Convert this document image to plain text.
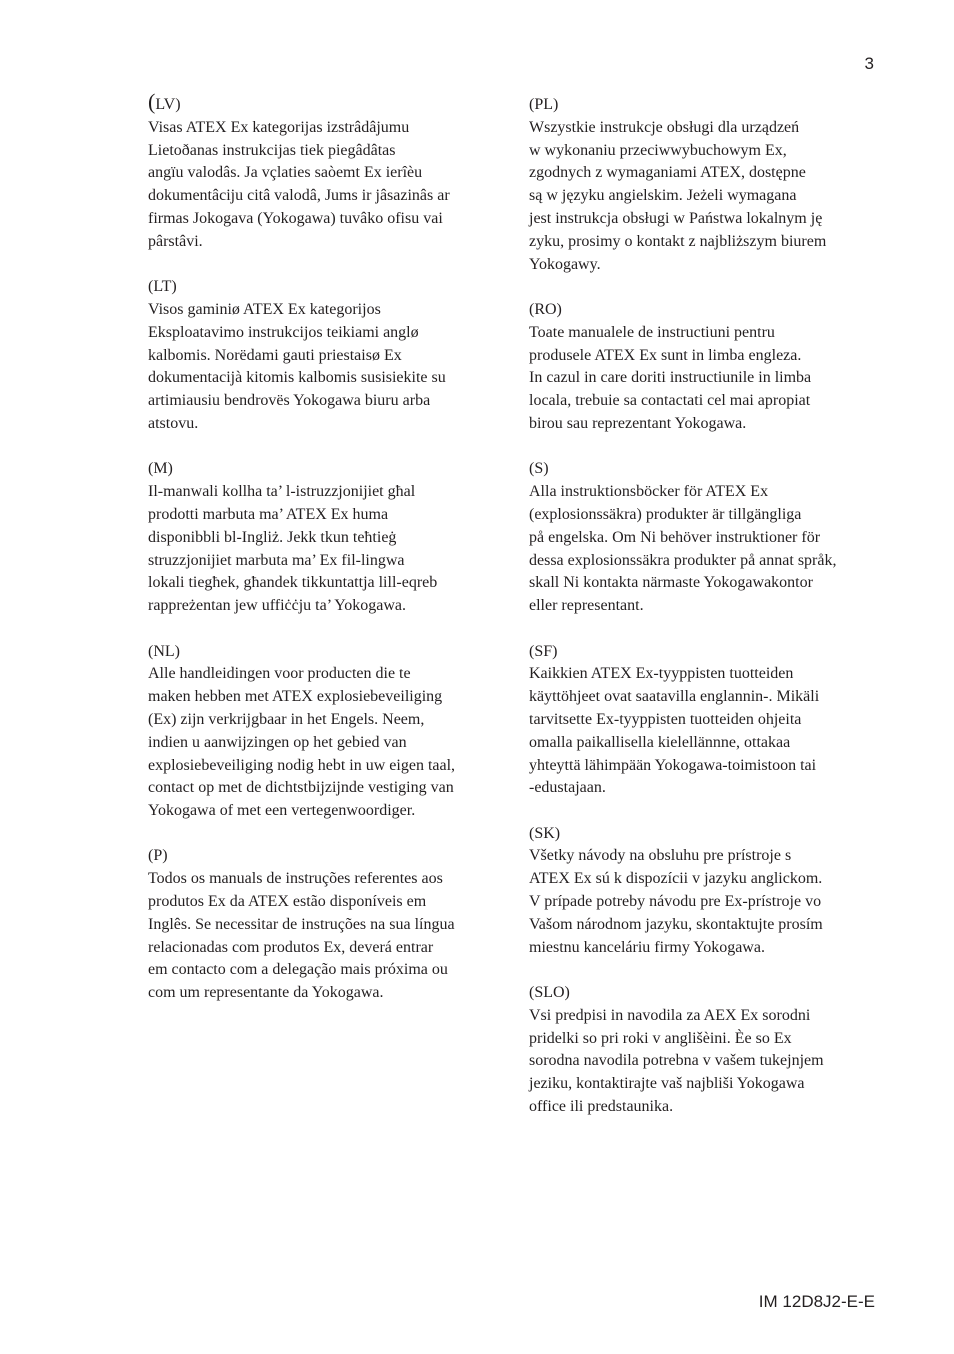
3
(LV)
Visas ATEX Ex kategorijas izstrâdâjumu
Lietoðanas instrukcijas tiek piegâdâtas
angïu valodâs. Ja vçlaties saòemt Ex ierîèu
dokumentâciju citâ valodâ, Jums ir jâsazinâs ar
firmas Jokogava (Yokogawa) tuvâko ofisu vai
pârstâvi.
(LT)
Visos gaminiø ATEX Ex kategorijos
Eksploatavimo instrukcijos teikiami anglø
kalbomis. Norëdami gauti priestaisø Ex
dokumentacijà kitomis kalbomis susisiekite su
artimiausiu bendrovës Yokogawa biuru arba
atstovu.
(M)
Il-manwali kollha ta’ l-istruzzjonijiet għal
prodotti marbuta ma’ ATEX Ex huma
disponibbli bl-Ingliż. Jekk tkun teħtieġ
struzzjonijiet marbuta ma’ Ex fil-lingwa
lokali tiegħek, għandek tikkuntattja lill-eqreb
rappreżentan jew uffiċċju ta’ Yokogawa.
(NL)
Alle handleidingen voor producten die te
maken hebben met ATEX explosiebeveiliging
(Ex) zijn verkrijgbaar in het Engels. Neem,
indien u aanwijzingen op het gebied van
explosiebeveiliging nodig hebt in uw eigen taal,
contact op met de dichtstbijzijnde vestiging van
Yokogawa of met een vertegenwoordiger.
(P)
Todos os manuals de instruções referentes aos
produtos Ex da ATEX estão disponíveis em
Inglês. Se necessitar de instruções na sua língua
relacionadas com produtos Ex, deverá entrar
em contacto com a delegação mais próxima ou
com um representante da Yokogawa.
(PL)
Wszystkie instrukcje obsługi dla urządzeń
w wykonaniu przeciwwybuchowym Ex,
zgodnych z wymaganiami ATEX, dostępne
są w języku angielskim. Jeżeli wymagana
jest instrukcja obsługi w Państwa lokalnym ję
zyku, prosimy o kontakt z najbliższym biurem
Yokogawy.
(RO)
Toate manualele de instructiuni pentru
produsele ATEX Ex sunt in limba engleza.
In cazul in care doriti instructiunile in limba
locala, trebuie sa contactati cel mai apropiat
birou sau reprezentant Yokogawa.
(S)
Alla instruktionsböcker för ATEX Ex
(explosionssäkra) produkter är tillgängliga
på engelska. Om Ni behöver instruktioner för
dessa explosionssäkra produkter på annat språk,
skall Ni kontakta närmaste Yokogawakontor
eller representant.
(SF)
Kaikkien ATEX Ex-tyyppisten tuotteiden
käyttöhjeet ovat saatavilla englannin-. Mikäli
tarvitsette Ex-tyyppisten tuotteiden ohjeita
omalla paikallisella kielellännne, ottakaa
yhteyttä lähimpään Yokogawa-toimistoon tai
-edustajaan.
(SK)
Všetky návody na obsluhu pre prístroje s
ATEX Ex sú k dispozícii v jazyku anglickom.
V prípade potreby návodu pre Ex-prístroje vo
Vašom národnom jazyku, skontaktujte prosím
miestnu kanceláriu firmy Yokogawa.
(SLO)
Vsi predpisi in navodila za AEX Ex sorodni
pridelki so pri roki v anglišèini. Èe so Ex
sorodna navodila potrebna v vašem tukejnjem
jeziku, kontaktirajte vaš najbliši Yokogawa
office ili predstaunika.
IM 12D8J2-E-E
